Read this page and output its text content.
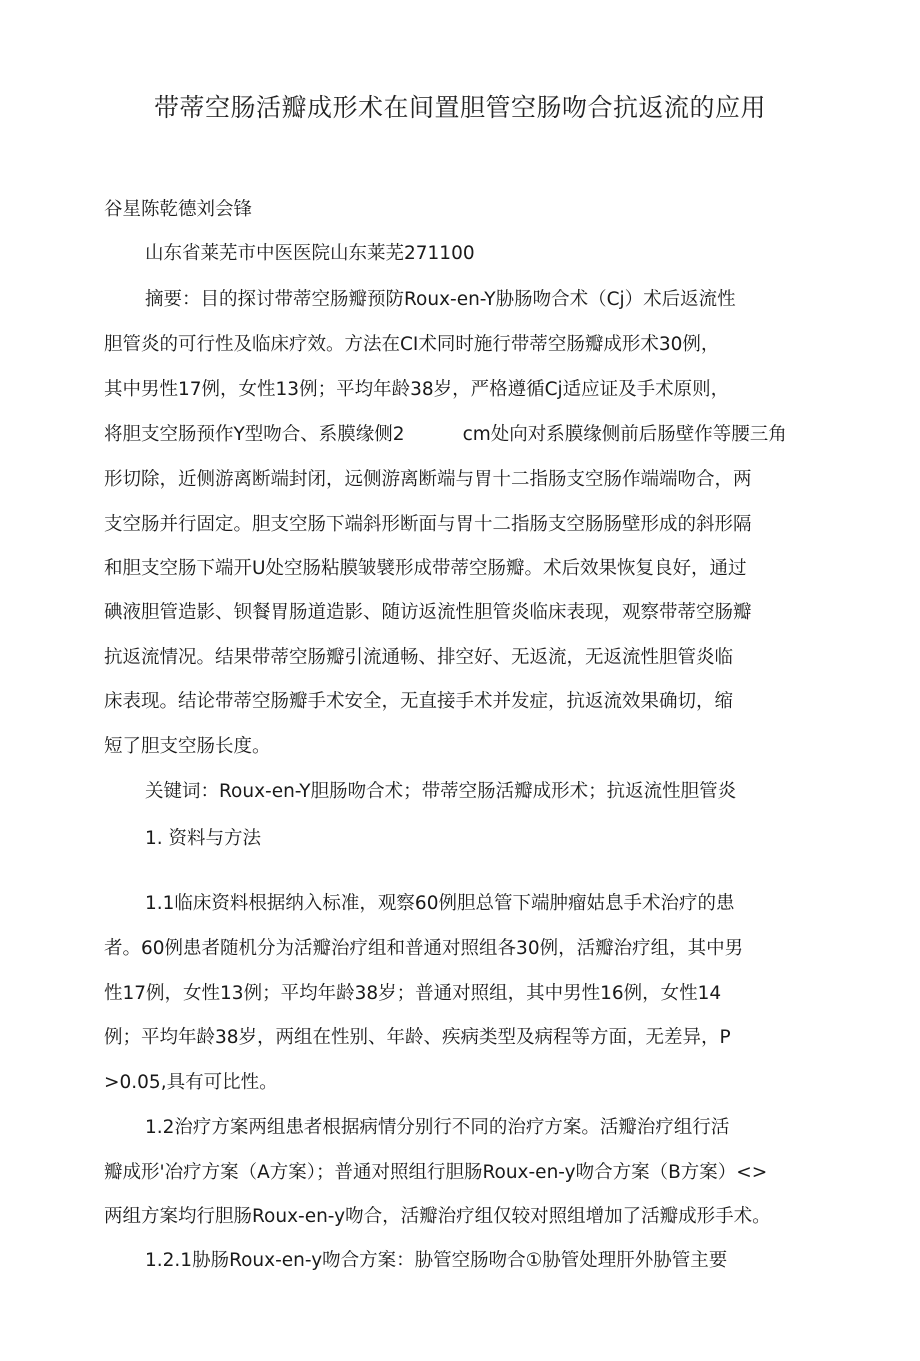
带蒂空肠活瓣成形术在间置胆管空肠吻合抗返流的应用
谷星陈乾德刘会锋
山东省莱芜市中医医院山东莱芜271100
摘要：目的探讨带蒂空肠瓣预防Roux-en-Y胁肠吻合术（Cj）术后返流性
胆管炎的可行性及临床疗效。方法在CI术同时施行带蒂空肠瓣成形术30例，
其中男性17例，女性13例；平均年龄38岁，严格遵循Cj适应证及手术原则，
将胆支空肠预作Y型吻合、系膜缘侧2	cm处向对系膜缘侧前后肠壁作等腰三角
形切除，近侧游离断端封闭，远侧游离断端与胃十二指肠支空肠作端端吻合，两
支空肠并行固定。胆支空肠下端斜形断面与胃十二指肠支空肠肠壁形成的斜形隔
和胆支空肠下端开U处空肠粘膜皱襞形成带蒂空肠瓣。术后效果恢复良好，通过
碘液胆管造影、钡餐胃肠道造影、随访返流性胆管炎临床表现，观察带蒂空肠瓣
抗返流情况。结果带蒂空肠瓣引流通畅、排空好、无返流，无返流性胆管炎临
床表现。结论带蒂空肠瓣手术安全，无直接手术并发症，抗返流效果确切，缩
短了胆支空肠长度。
关键词：Roux-en-Y胆肠吻合术；带蒂空肠活瓣成形术；抗返流性胆管炎
1. 资料与方法
1.1临床资料根据纳入标准，观察60例胆总管下端肿瘤姑息手术治疗的患
者。60例患者随机分为活瓣治疗组和普通对照组各30例，活瓣治疗组，其中男
性17例，女性13例；平均年龄38岁；普通对照组，其中男性16例，女性14
例；平均年龄38岁，两组在性别、年龄、疾病类型及病程等方面，无差异，P
>0.05,具有可比性。
1.2治疗方案两组患者根据病情分别行不同的治疗方案。活瓣治疗组行活
瓣成形'冶疗方案（A方案）；普通对照组行胆肠Roux-en-y吻合方案（B方案）<>
两组方案均行胆肠Roux-en-y吻合，活瓣治疗组仅较对照组增加了活瓣成形手术。
1.2.1胁肠Roux-en-y吻合方案：胁管空肠吻合①胁管处理肝外胁管主要
